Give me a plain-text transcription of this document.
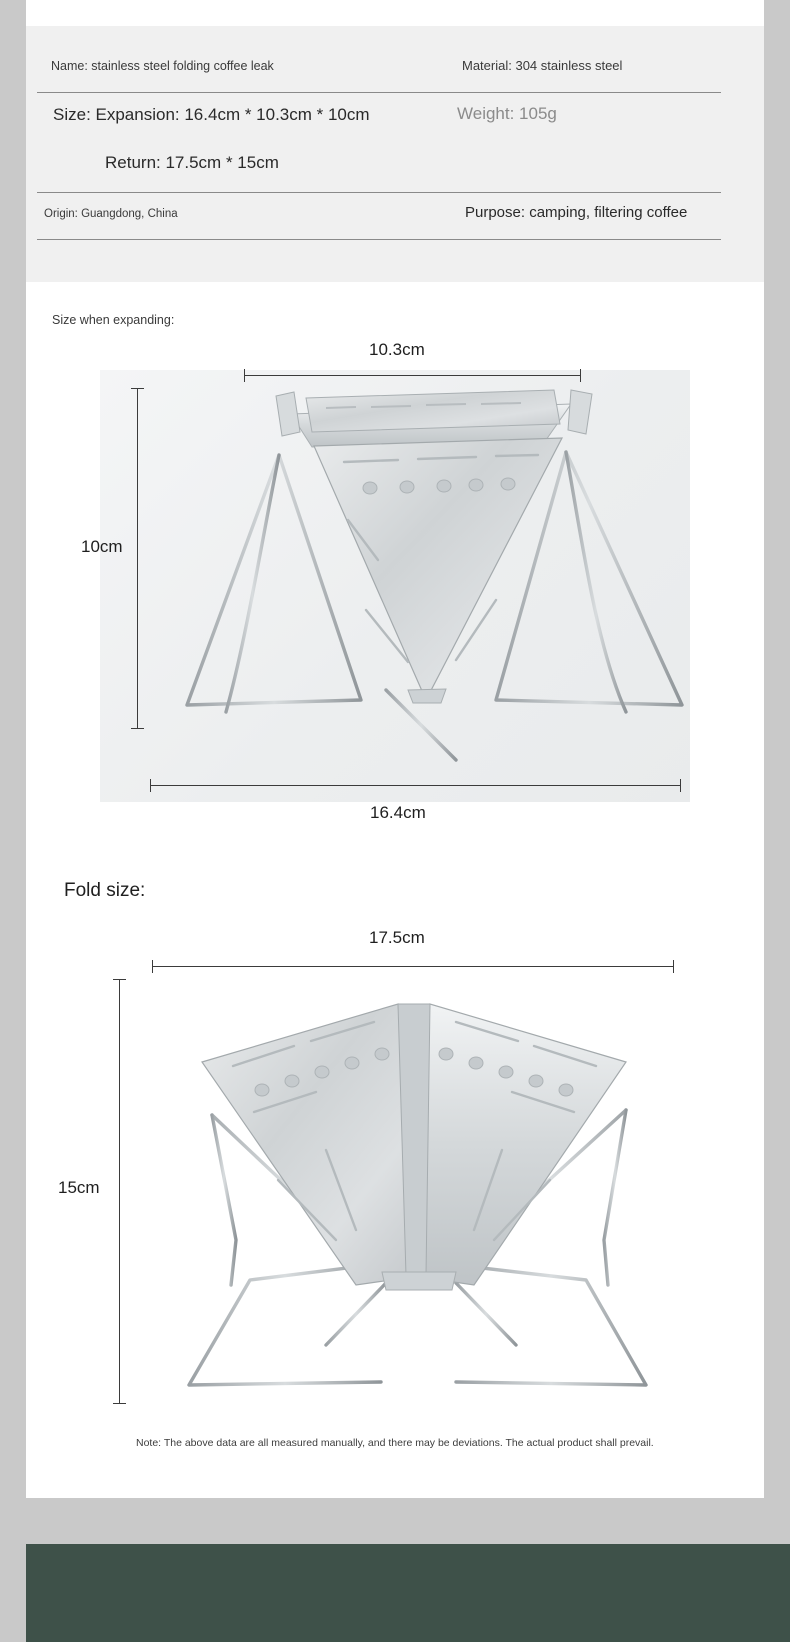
Name: stainless steel folding coffee leak	Material: 304 stainless steel
Size: Expansion: 16.4cm * 10.3cm * 10cm	Weight: 105g
Return: 17.5cm * 15cm
Origin: Guangdong, China	Purpose: camping, filtering coffee
Size when expanding:
10.3cm
10cm
16.4cm
Fold size:
17.5cm
15cm
Note: The above data are all measured manually, and there may be deviations. The actual product shall prevail.
